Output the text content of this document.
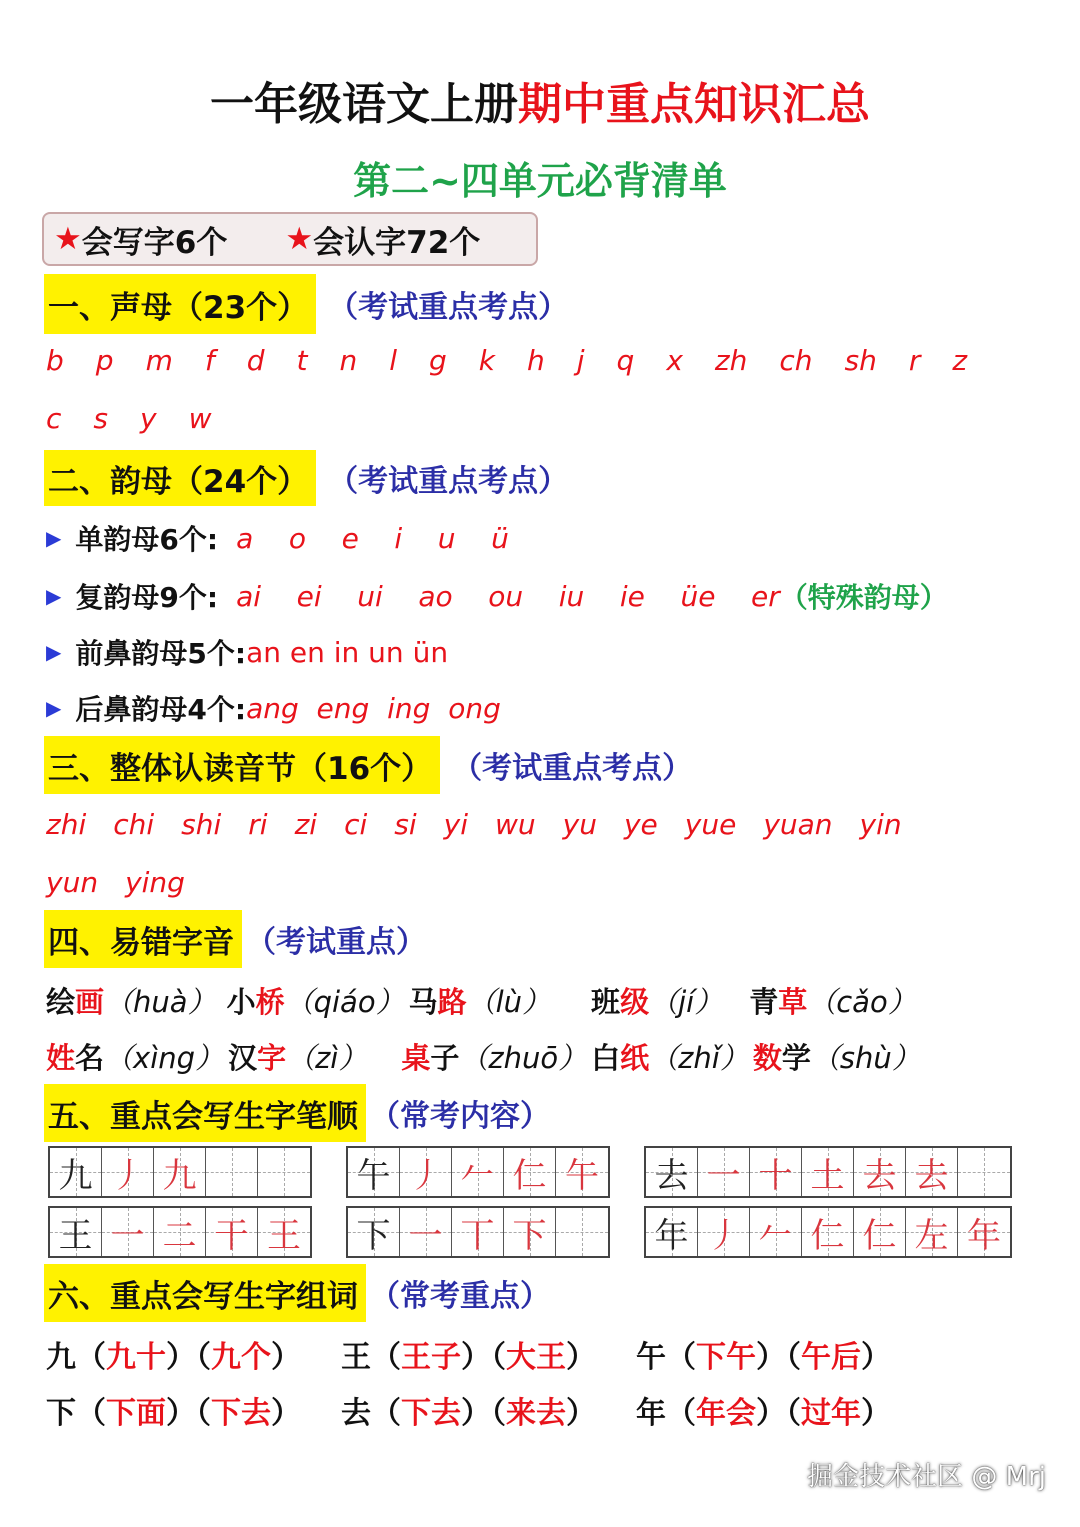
一年级语文上册期中重点知识汇总
第二~四单元必背清单
★ 会写字6个 ★ 会认字72个
一、声母（23个） （考试重点考点）
b p m f d t n l g k h j q x zh ch sh r z
c s y w
二、韵母（24个） （考试重点考点）
▶ 单韵母6个: a    o    e    i    u    ü
▶ 复韵母9个: ai    ei    ui    ao    ou    iu    ie    üe    er （特殊韵母）
▶ 前鼻韵母5个: an en in un ün
▶ 后鼻韵母4个: ang  eng  ing  ong
三、整体认读音节（16个） （考试重点考点）
zhi chi shi ri zi ci si yi wu yu ye yue yuan yin
yun ying
四、易错字音 （考试重点）
绘画（huà） 小桥（qiáo） 马路（lù） 班级（jí） 青草（cǎo）
姓名（xìng） 汉字（zì） 桌子（zhuō） 白纸（zhǐ） 数学（shù）
五、重点会写生字笔顺 （常考内容）
九 丿 九	午 丿 𠂉 仁 午 去 一 十 土 去 去
王 一 二 干 王 下 一 丅 下	年 丿 𠂉 仁 仁 左 年
六、重点会写生字组词 （常考重点）
九（九十）（九个） 王（王子）（大王） 午（下午）（午后）
下（下面）（下去） 去（下去）（来去） 年（年会）（过年）
掘金技术社区 @ Mrj
